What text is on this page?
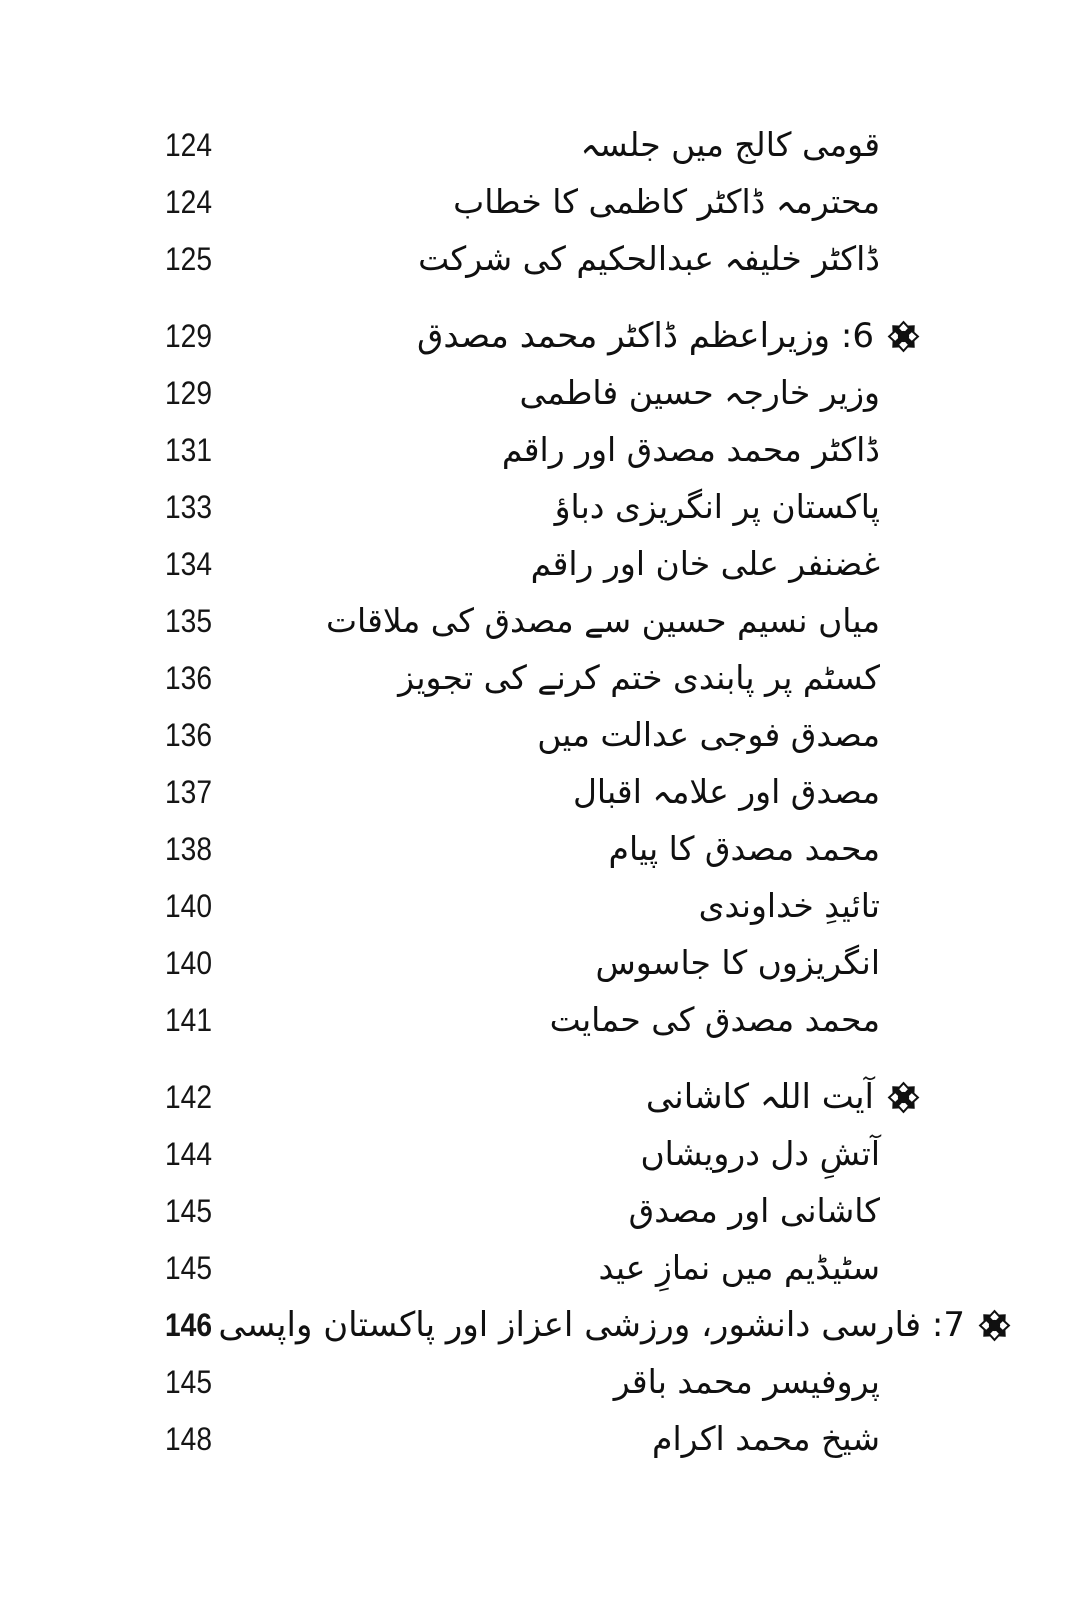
124	قومی کالج میں جلسہ
124	محترمہ ڈاکٹر کاظمی کا خطاب
125	ڈاکٹر خلیفہ عبدالحکیم کی شرکت
129	6: وزیراعظم ڈاکٹر محمد مصدق
129	وزیر خارجہ حسین فاطمی
131	ڈاکٹر محمد مصدق اور راقم
133	پاکستان پر انگریزی دباؤ
134	غضنفر علی خان اور راقم
135	میاں نسیم حسین سے مصدق کی ملاقات
136	کسٹم پر پابندی ختم کرنے کی تجویز
136	مصدق فوجی عدالت میں
137	مصدق اور علامہ اقبال
138	محمد مصدق کا پیام
140	تائیدِ خداوندی
140	انگریزوں کا جاسوس
141	محمد مصدق کی حمایت
142	آیت اللہ کاشانی
144	آتشِ دل درویشاں
145	کاشانی اور مصدق
145	سٹیڈیم میں نمازِ عید
146 7: فارسی دانشور، ورزشی اعزاز اور پاکستان واپسی
145	پروفیسر محمد باقر
148	شیخ محمد اکرام
